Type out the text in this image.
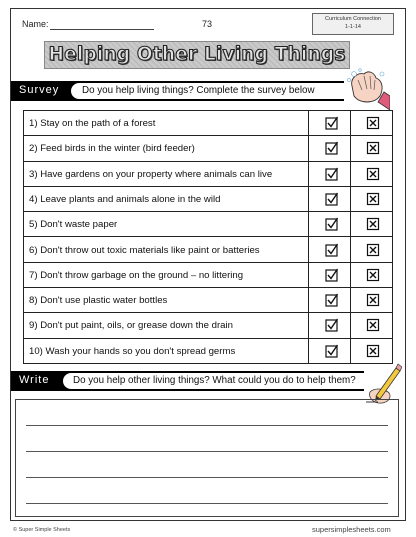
Name:	73	Curriculum Connection
1-1-14
Helping Other Living Things
Survey	Do you help living things? Complete the survey below
1) Stay on the path of a forest
2) Feed birds in the winter (bird feeder)
3) Have gardens on your property where animals can live
4) Leave plants and animals alone in the wild
5) Don't waste paper
6) Don't throw out toxic materials like paint or batteries
7) Don't throw garbage on the ground – no littering
8) Don't use plastic water bottles
9) Don't put paint, oils, or grease down the drain
10) Wash your hands so you don't spread germs
Write	Do you help other living things? What could you do to help them?
© Super Simple Sheets	supersimplesheets.com
